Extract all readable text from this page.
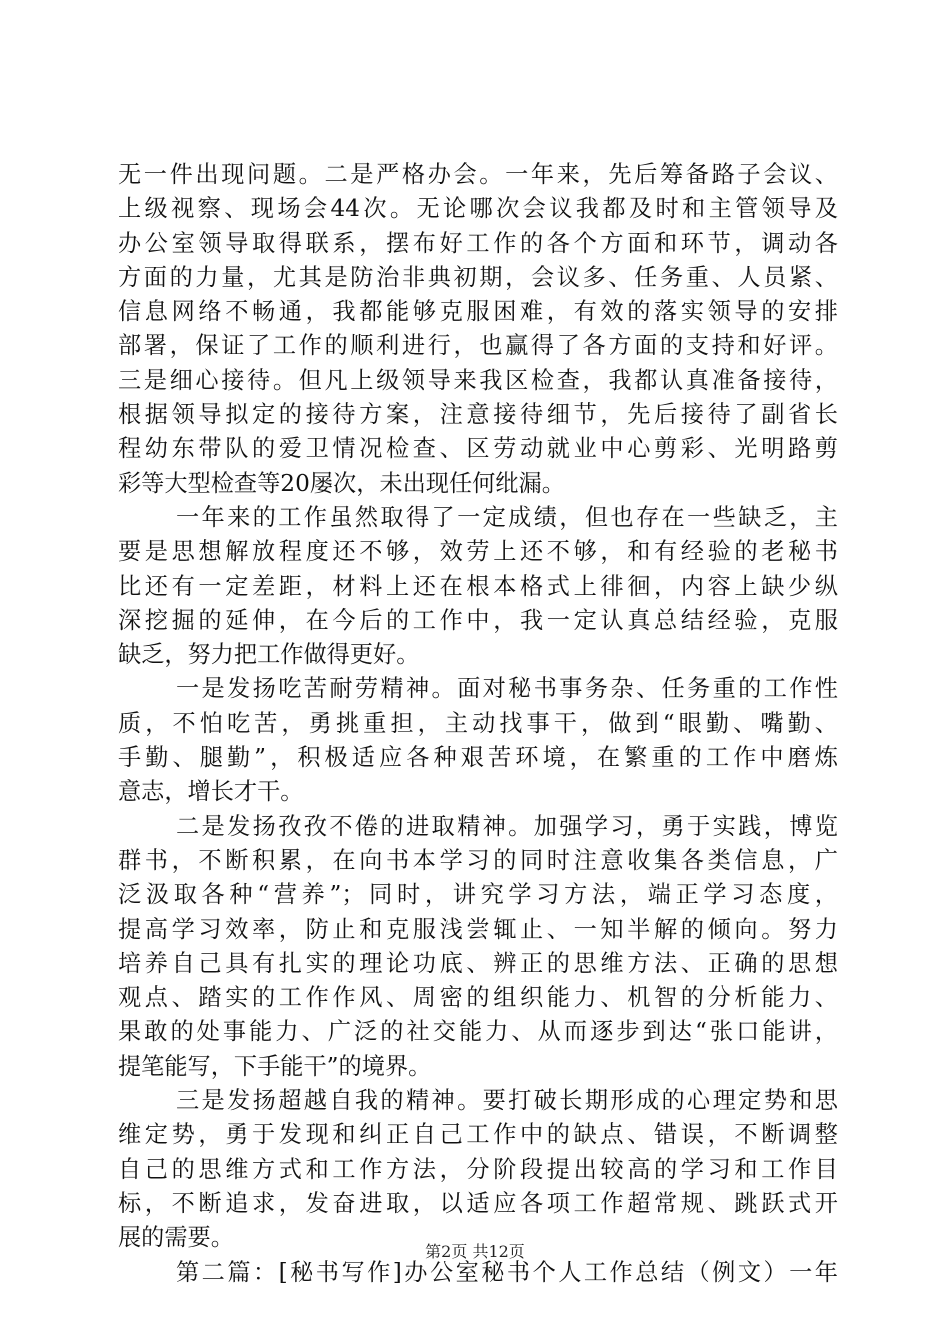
无一件出现问题。二是严格办会。一年来，先后筹备路子会议、
上级视察、现场会44次。无论哪次会议我都及时和主管领导及
办公室领导取得联系，摆布好工作的各个方面和环节，调动各
方面的力量，尤其是防治非典初期，会议多、任务重、人员紧、
信息网络不畅通，我都能够克服困难，有效的落实领导的安排
部署，保证了工作的顺利进行，也赢得了各方面的支持和好评。
三是细心接待。但凡上级领导来我区检查，我都认真准备接待，
根据领导拟定的接待方案，注意接待细节，先后接待了副省长
程幼东带队的爱卫情况检查、区劳动就业中心剪彩、光明路剪
彩等大型检查等20屡次，未出现任何纰漏。
一年来的工作虽然取得了一定成绩，但也存在一些缺乏，主
要是思想解放程度还不够，效劳上还不够，和有经验的老秘书
比还有一定差距，材料上还在根本格式上徘徊，内容上缺少纵
深挖掘的延伸，在今后的工作中，我一定认真总结经验，克服
缺乏，努力把工作做得更好。
一是发扬吃苦耐劳精神。面对秘书事务杂、任务重的工作性
质，不怕吃苦，勇挑重担，主动找事干，做到“眼勤、嘴勤、
手勤、腿勤”，积极适应各种艰苦环境，在繁重的工作中磨炼
意志，增长才干。
二是发扬孜孜不倦的进取精神。加强学习，勇于实践，博览
群书，不断积累，在向书本学习的同时注意收集各类信息，广
泛汲取各种“营养”；同时，讲究学习方法，端正学习态度，
提高学习效率，防止和克服浅尝辄止、一知半解的倾向。努力
培养自己具有扎实的理论功底、辨正的思维方法、正确的思想
观点、踏实的工作作风、周密的组织能力、机智的分析能力、
果敢的处事能力、广泛的社交能力、从而逐步到达“张口能讲，
提笔能写，下手能干”的境界。
三是发扬超越自我的精神。要打破长期形成的心理定势和思
维定势，勇于发现和纠正自己工作中的缺点、错误，不断调整
自己的思维方式和工作方法，分阶段提出较高的学习和工作目
标，不断追求，发奋进取，以适应各项工作超常规、跳跃式开
展的需要。
第二篇：[秘书写作]办公室秘书个人工作总结（例文）一年
第2页 共12页
